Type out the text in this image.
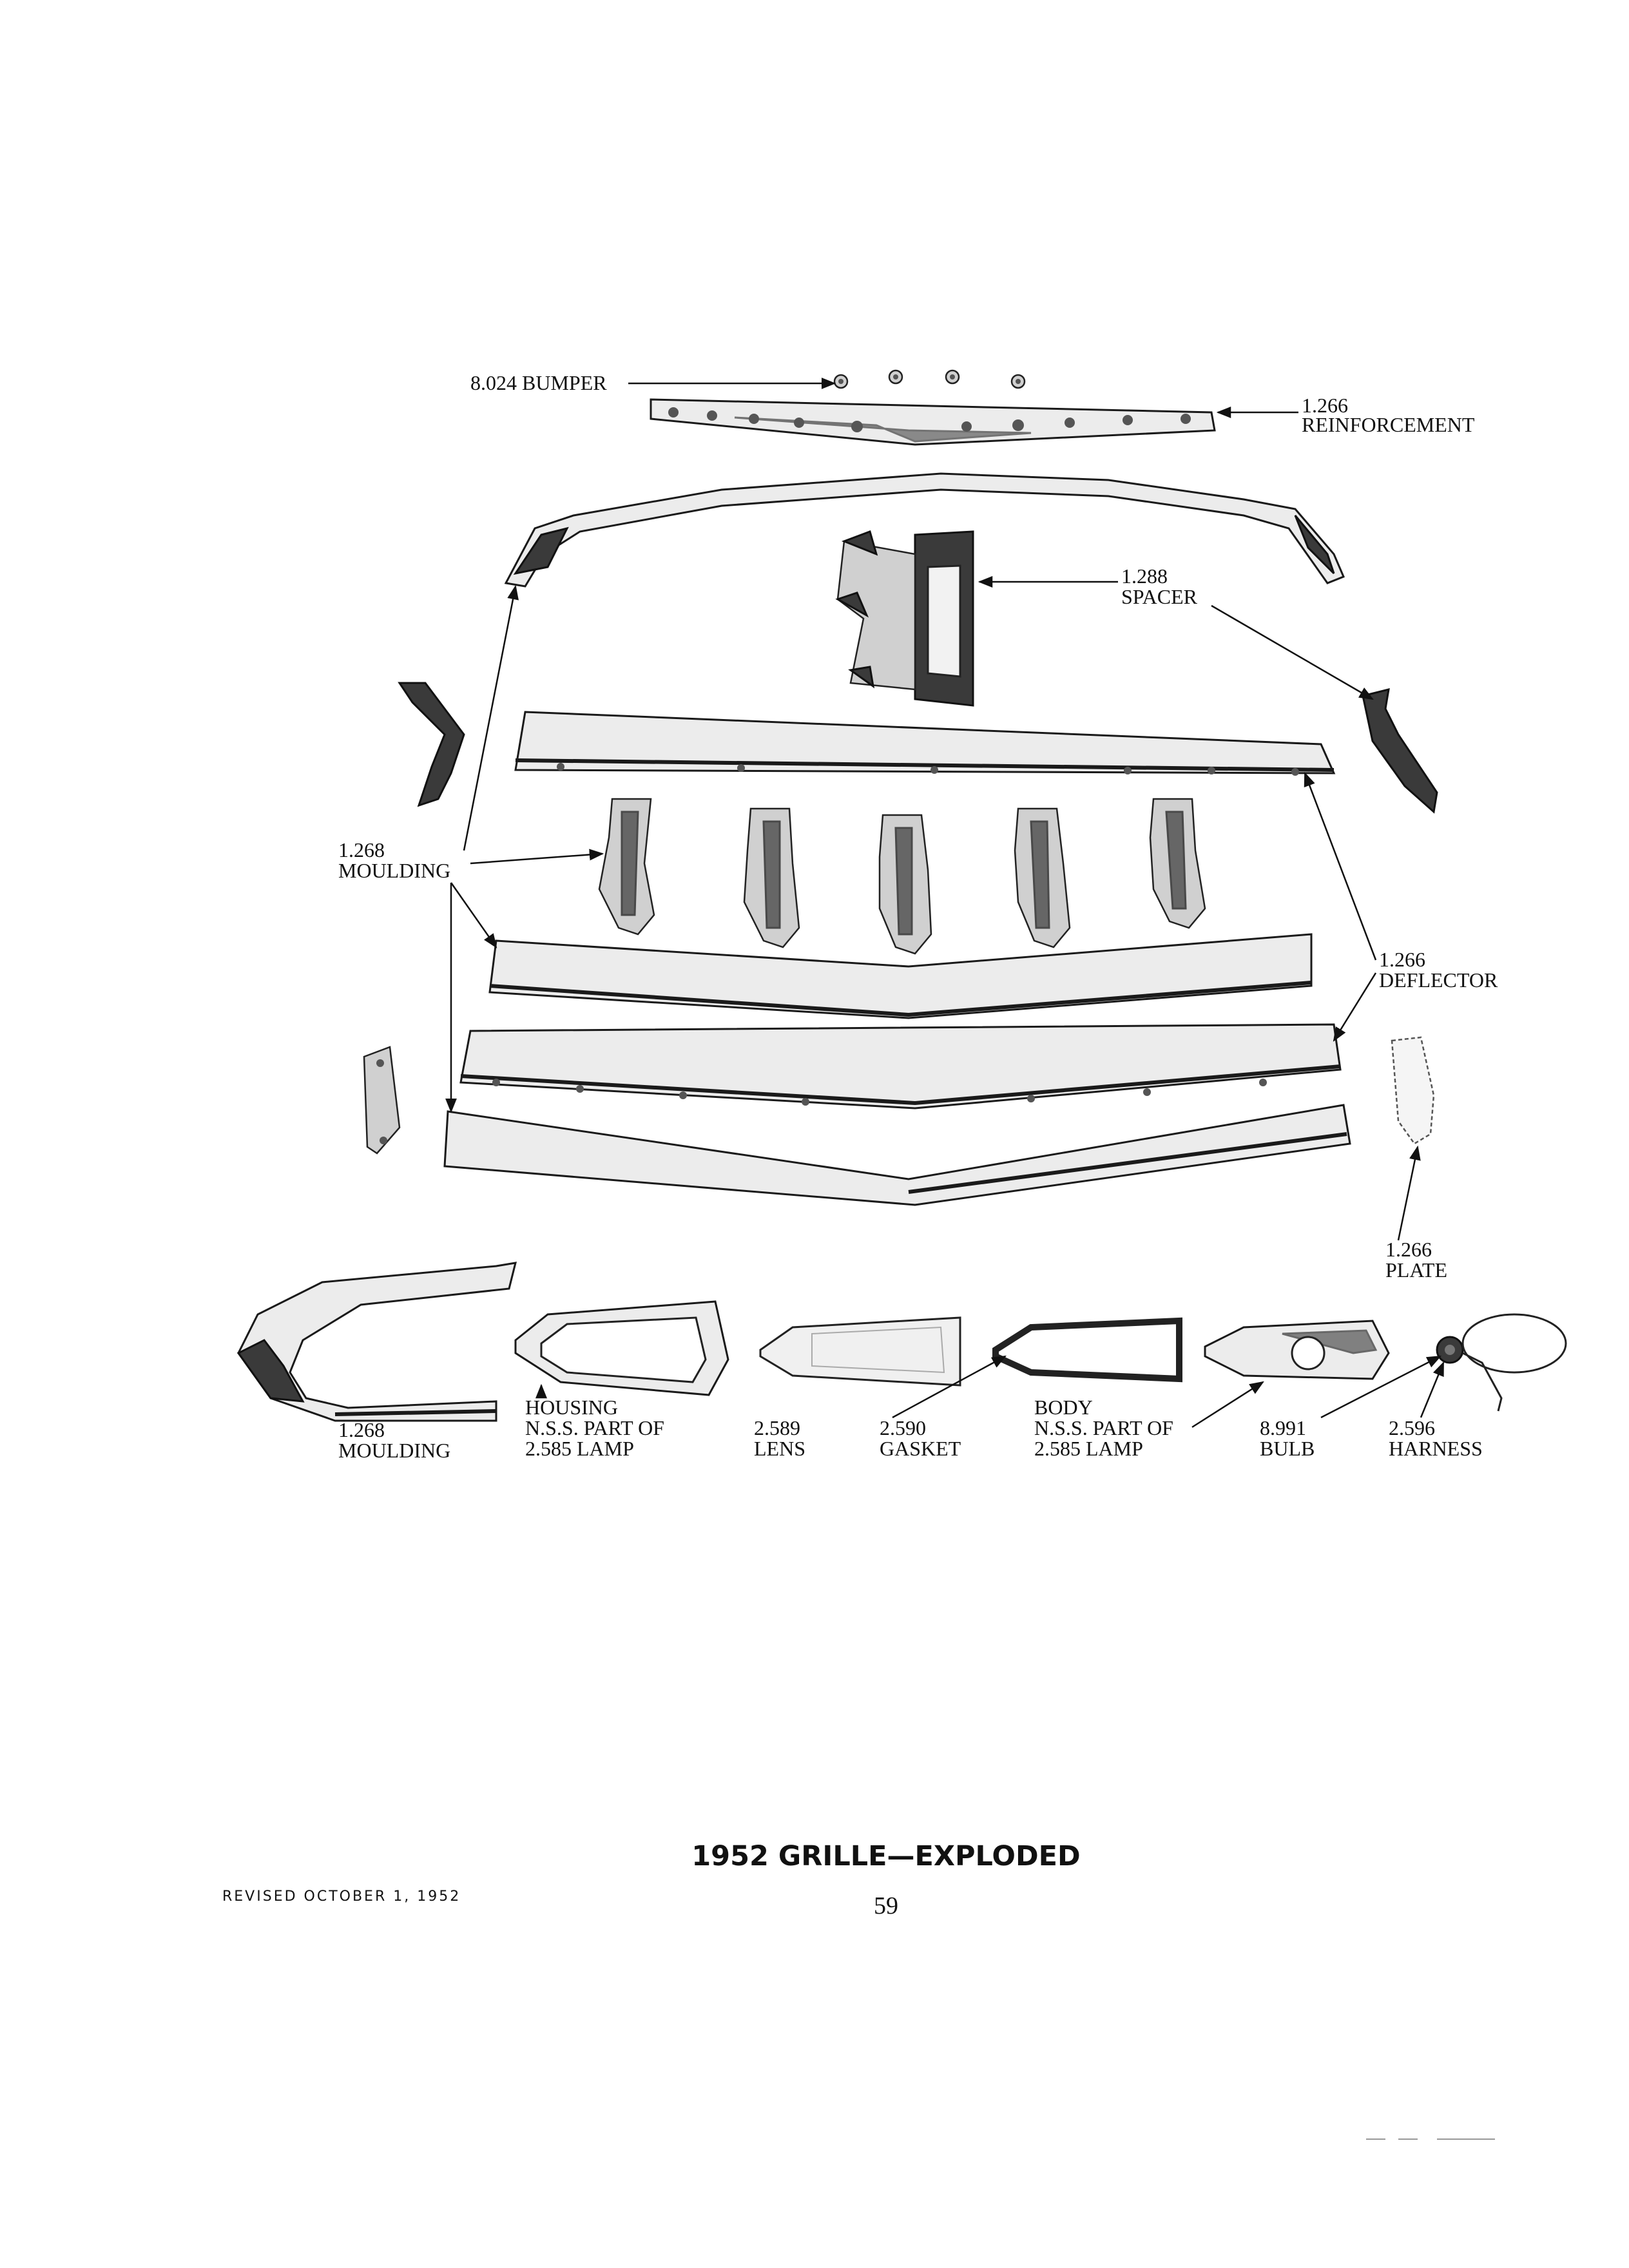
8.024 BUMPER
1.266
REINFORCEMENT
1.288
SPACER
1.268
MOULDING
1.266
DEFLECTOR
1.266
PLATE
1.268
MOULDING
HOUSING
N.S.S. PART OF
2.585 LAMP
2.589
LENS
2.590
GASKET
BODY
N.S.S. PART OF
2.585 LAMP
8.991
BULB
2.596
HARNESS
1952 GRILLE—EXPLODED
59
REVISED OCTOBER 1, 1952
